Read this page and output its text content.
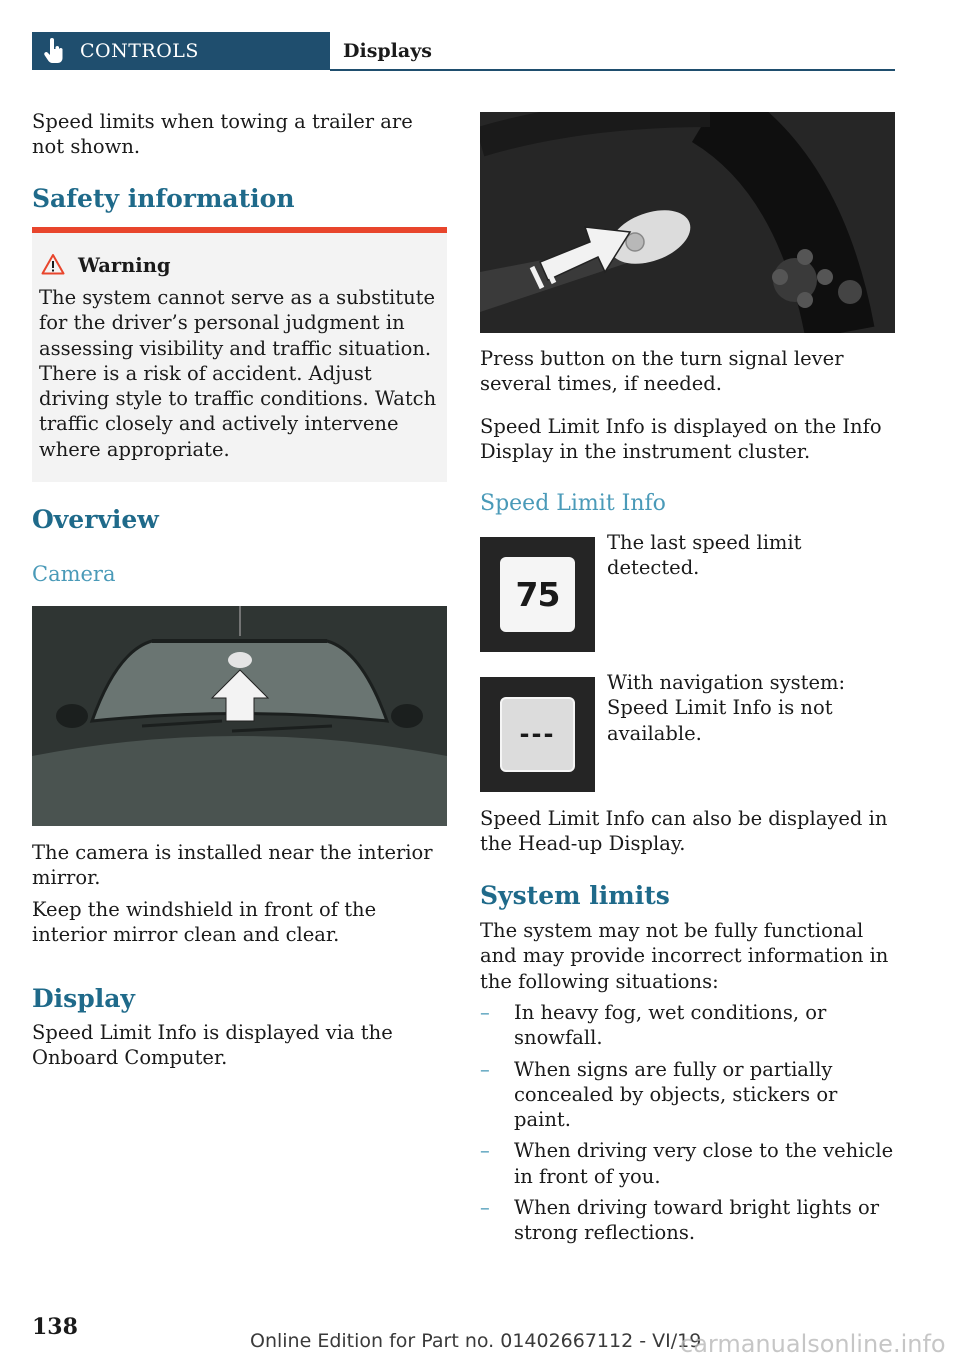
CONTROLS	Displays
Speed limits when towing a trailer are not shown.
Safety information
Warning
The system cannot serve as a substitute for the driver’s personal judgment in assessing visibility and traffic situation. There is a risk of accident. Adjust driving style to traffic conditions. Watch traffic closely and actively intervene where appropriate.
Overview
Camera
The camera is installed near the interior mirror.
Keep the windshield in front of the interior mirror clean and clear.
Display
Speed Limit Info is displayed via the Onboard Computer.
Press button on the turn signal lever several times, if needed.
Speed Limit Info is displayed on the Info Display in the instrument cluster.
Speed Limit Info
75
The last speed limit detected.
---
With navigation system: Speed Limit Info is not available.
Speed Limit Info can also be displayed in the Head-up Display.
System limits
The system may not be fully functional and may provide incorrect information in the following situations:
– In heavy fog, wet conditions, or snowfall.
– When signs are fully or partially concealed by objects, stickers or paint.
– When driving very close to the vehicle in front of you.
– When driving toward bright lights or strong reflections.
138
Online Edition for Part no. 01402667112 - VI/19
carmanualsonline.info
